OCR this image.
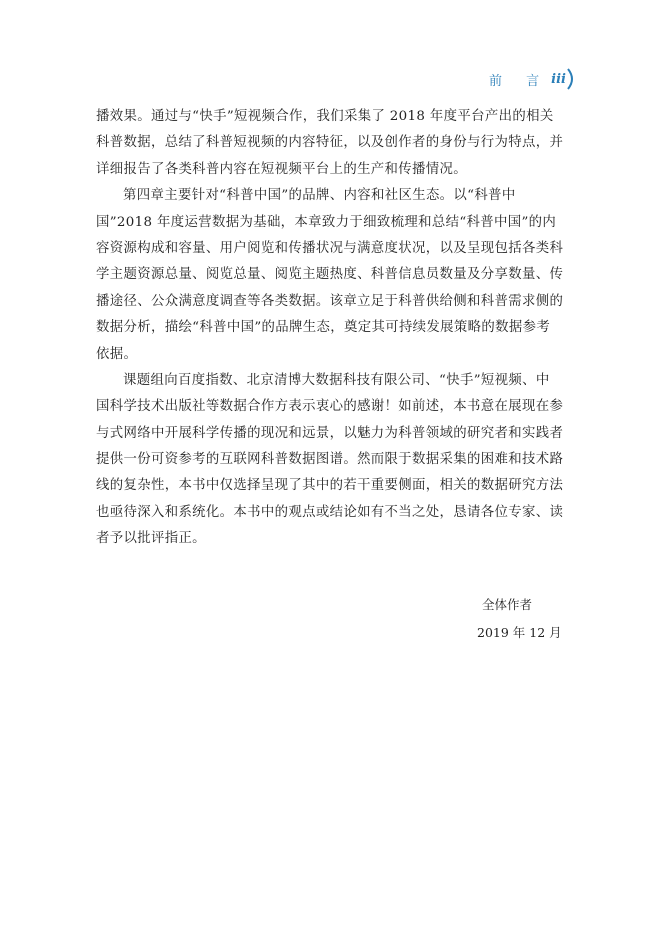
前 言 iii
播效果。通过与“快手”短视频合作，我们采集了 2018 年度平台产出的相关
科普数据，总结了科普短视频的内容特征，以及创作者的身份与行为特点，并
详细报告了各类科普内容在短视频平台上的生产和传播情况。
第四章主要针对“科普中国”的品牌、内容和社区生态。以“科普中
国”2018 年度运营数据为基础，本章致力于细致梳理和总结“科普中国”的内
容资源构成和容量、用户阅览和传播状况与满意度状况，以及呈现包括各类科
学主题资源总量、阅览总量、阅览主题热度、科普信息员数量及分享数量、传
播途径、公众满意度调查等各类数据。该章立足于科普供给侧和科普需求侧的
数据分析，描绘“科普中国”的品牌生态，奠定其可持续发展策略的数据参考
依据。
课题组向百度指数、北京清博大数据科技有限公司、“快手”短视频、中
国科学技术出版社等数据合作方表示衷心的感谢！如前述，本书意在展现在参
与式网络中开展科学传播的现况和远景，以魅力为科普领域的研究者和实践者
提供一份可资参考的互联网科普数据图谱。然而限于数据采集的困难和技术路
线的复杂性，本书中仅选择呈现了其中的若干重要侧面，相关的数据研究方法
也亟待深入和系统化。本书中的观点或结论如有不当之处，恳请各位专家、读
者予以批评指正。
全体作者
2019 年 12 月
